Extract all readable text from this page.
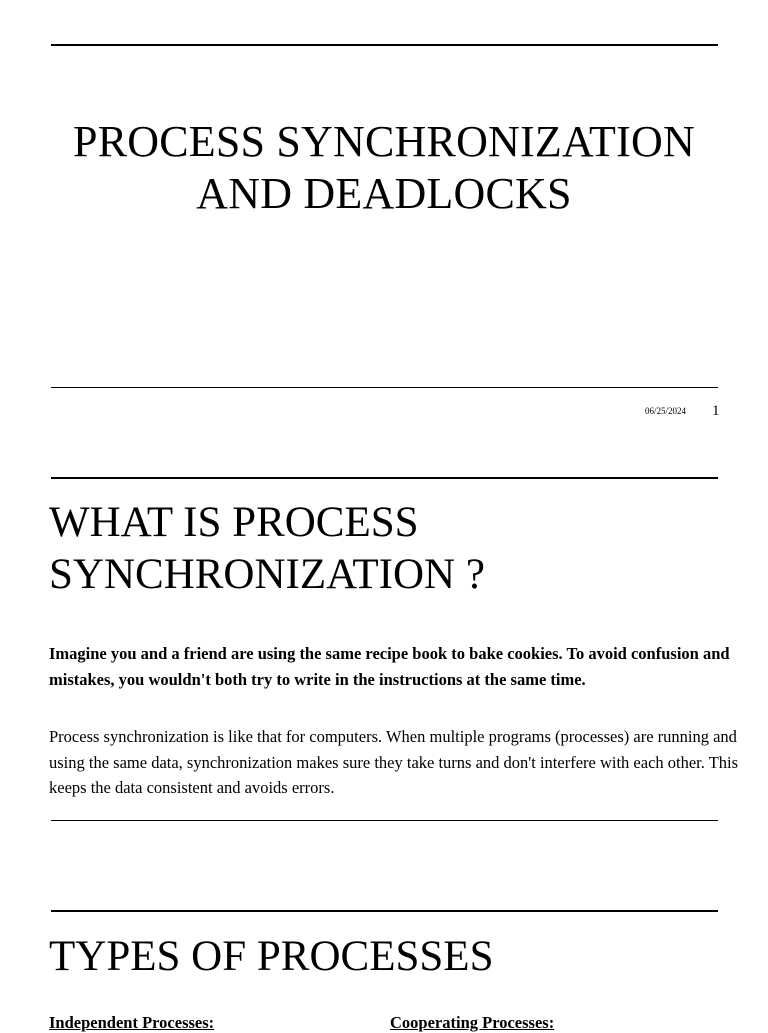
PROCESS SYNCHRONIZATION AND DEADLOCKS
06/25/2024 1
WHAT IS PROCESS SYNCHRONIZATION ?
Imagine you and a friend are using the same recipe book to bake cookies. To avoid confusion and mistakes, you wouldn't both try to write in the instructions at the same time.
Process synchronization is like that for computers. When multiple programs (processes) are running and using the same data, synchronization makes sure they take turns and don't interfere with each other. This keeps the data consistent and avoids errors.
TYPES OF PROCESSES
Independent Processes:	Cooperating Processes:
